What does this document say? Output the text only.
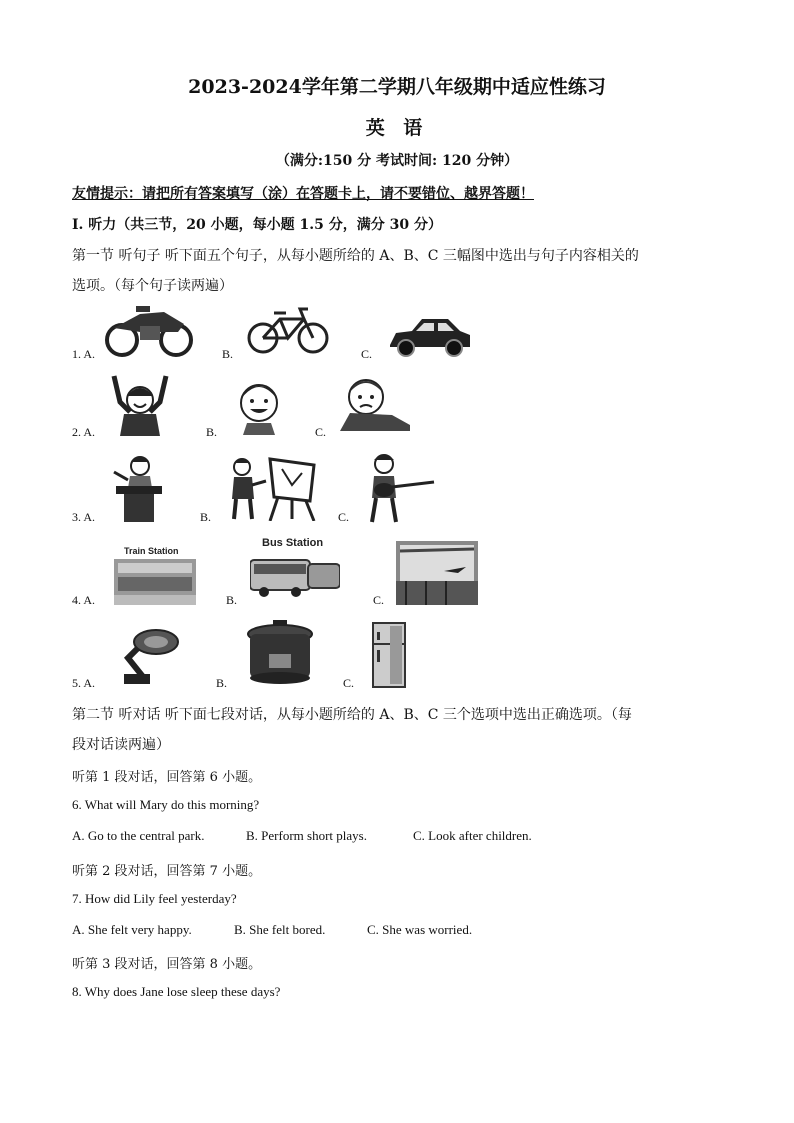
2023-2024学年第二学期八年级期中适应性练习
英 语
（满分:150 分 考试时间: 120 分钟）
友情提示：请把所有答案填写（涂）在答题卡上，请不要错位、越界答题！
I. 听力（共三节，20 小题，每小题 1.5 分，满分 30 分）
第一节 听句子 听下面五个句子，从每小题所给的 A、B、C 三幅图中选出与句子内容相关的
选项。（每个句子读两遍）
1. A.	B.	C.
2. A.	B.	C.
3. A.	B.	C.
4. A.	B.	C.
Train Station
Bus Station
5. A.	B.	C.
第二节 听对话 听下面七段对话，从每小题所给的 A、B、C 三个选项中选出正确选项。（每
段对话读两遍）
听第 1 段对话，回答第 6 小题。
6. What will Mary do this morning?
A. Go to the central park.	B. Perform short plays.	C. Look after children.
听第 2 段对话，回答第 7 小题。
7. How did Lily feel yesterday?
A. She felt very happy.	B. She felt bored.	C. She was worried.
听第 3 段对话，回答第 8 小题。
8. Why does Jane lose sleep these days?
